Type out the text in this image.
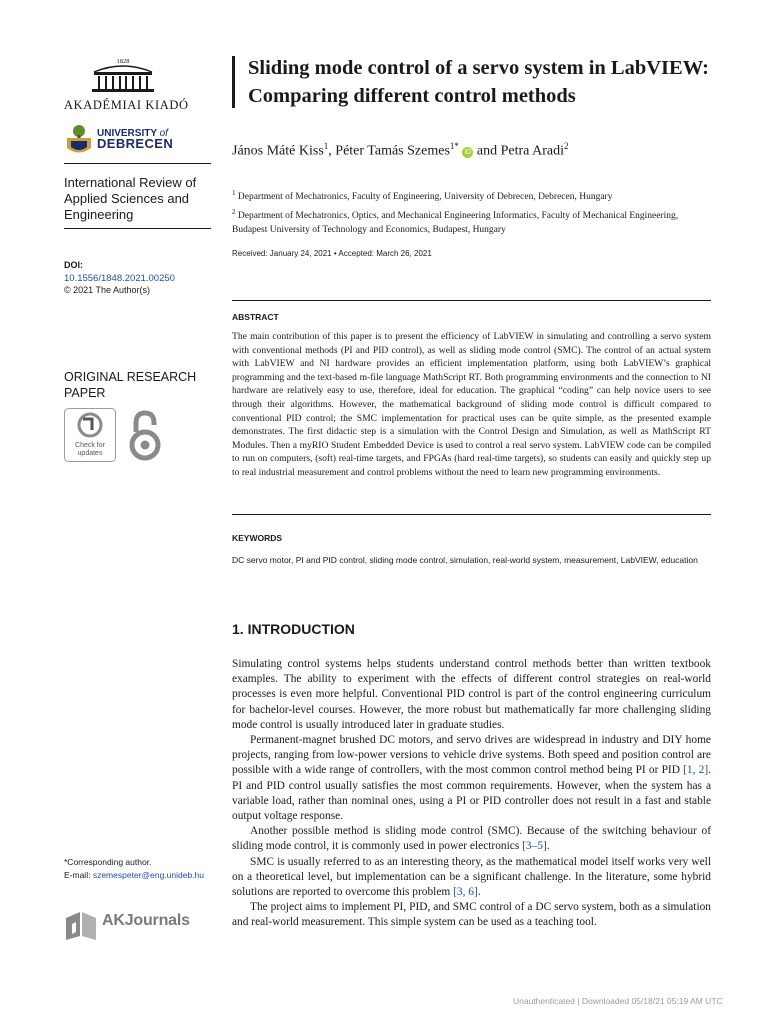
1828
AKADÉMIAI KIADÓ
UNIVERSITY of
DEBRECEN
International Review of Applied Sciences and Engineering
DOI:
10.1556/1848.2021.00250
© 2021 The Author(s)
ORIGINAL RESEARCH PAPER
Check for
updates
*Corresponding author.
E-mail: szemespeter@eng.unideb.hu
AKJournals
Sliding mode control of a servo system in LabVIEW: Comparing different control methods
János Máté Kiss$^1$, Péter Tamás Szemes$^{1*}$ iD and Petra Aradi$^2$
$^1$ Department of Mechatronics, Faculty of Engineering, University of Debrecen, Debrecen, Hungary
$^2$ Department of Mechatronics, Optics, and Mechanical Engineering Informatics, Faculty of Mechanical Engineering, Budapest University of Technology and Economics, Budapest, Hungary
Received: January 24, 2021 • Accepted: March 26, 2021
ABSTRACT
The main contribution of this paper is to present the efficiency of LabVIEW in simulating and controlling a servo system with conventional methods (PI and PID control), as well as sliding mode control (SMC). The control of an actual system with LabVIEW and NI hardware provides an efficient implementation platform, using both LabVIEW’s graphical programming and the text-based m-file language MathScript RT. Both programming environments and the connection to NI hardware are relatively easy to use, therefore, ideal for education. The graphical “coding” can help novice users to see through their algorithms. However, the mathematical background of sliding mode control is difficult compared to conventional PID control; the SMC implementation for practical uses can be quite simple, as the presented example demonstrates. The first didactic step is a simulation with the Control Design and Simulation, as well as MathScript RT Modules. Then a myRIO Student Embedded Device is used to control a real servo system. LabVIEW code can be compiled to run on computers, (soft) real-time targets, and FPGAs (hard real-time targets), so students can easily and quickly step up to real industrial measurement and control problems without the need to learn new programming environments.
KEYWORDS
DC servo motor, PI and PID control, sliding mode control, simulation, real-world system, measurement, LabVIEW, education
1. INTRODUCTION

Simulating control systems helps students understand control methods better than written textbook examples. The ability to experiment with the effects of different control strategies on real-world processes is even more helpful. Conventional PID control is part of the control engineering curriculum for bachelor-level courses. However, the more robust but mathematically far more challenging sliding mode control is usually introduced later in graduate studies.

Permanent-magnet brushed DC motors, and servo drives are widespread in industry and DIY home projects, ranging from low-power versions to vehicle drive systems. Both speed and position control are possible with a wide range of controllers, with the most common control method being PI or PID [1, 2]. PI and PID control usually satisfies the most common requirements. However, when the system has a variable load, rather than nominal ones, using a PI or PID controller does not result in a fast and stable output voltage response.

Another possible method is sliding mode control (SMC). Because of the switching behaviour of sliding mode control, it is commonly used in power electronics [3–5].

SMC is usually referred to as an interesting theory, as the mathematical model itself works very well on a theoretical level, but implementation can be a significant challenge. In the literature, some hybrid solutions are reported to overcome this problem [3, 6].

The project aims to implement PI, PID, and SMC control of a DC servo system, both as a simulation and real-world measurement. This simple system can be used as a teaching tool.

Unauthenticated | Downloaded 05/18/21 05:19 AM UTC
